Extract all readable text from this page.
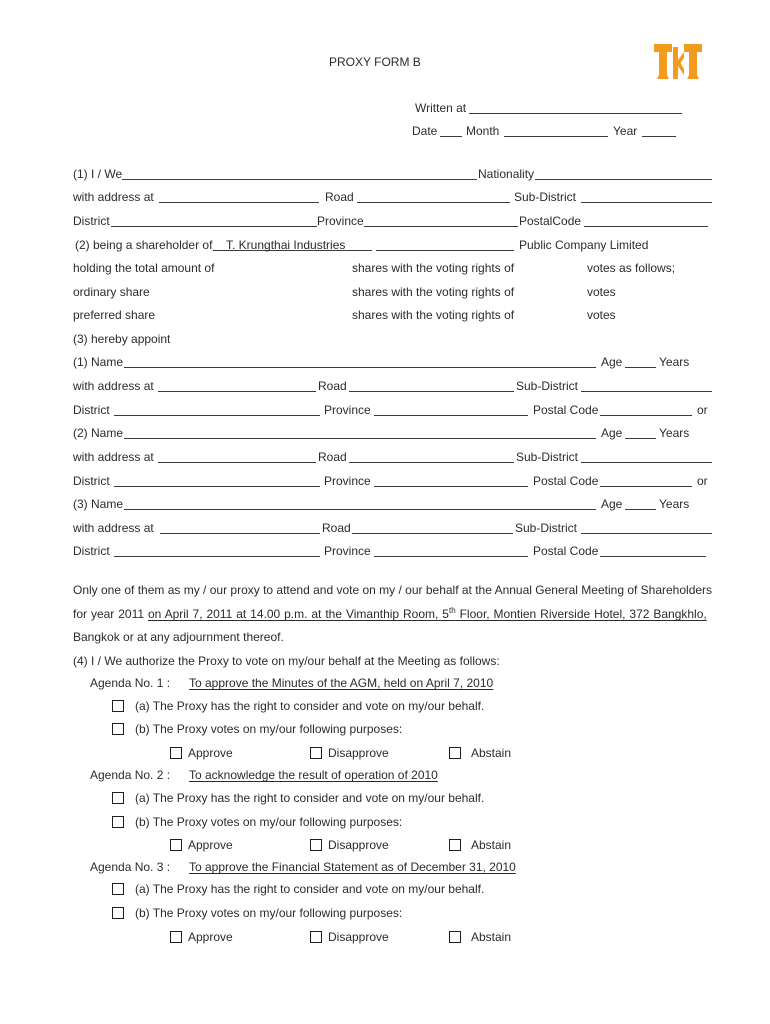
PROXY FORM B
Written at
Date Month	Year
(1) I / We	Nationality
with address at	Road	Sub-District
District	Province	PostalCode
(2) being a shareholder of T. Krungthai Industries	Public Company Limited
holding the total amount of	shares with the voting rights of	votes as follows;
ordinary share	shares with the voting rights of	votes
preferred share	shares with the voting rights of	votes
(3) hereby appoint
(1) Name	Age	Years
with address at	Road	Sub-District
District	Province	Postal Code	or
(2) Name	Age	Years
with address at	Road	Sub-District
District	Province	Postal Code	or
(3) Name	Age	Years
with address at	Road	Sub-District
District	Province	Postal Code
Only one of them as my / our proxy to attend and vote on my / our behalf at the Annual General Meeting of Shareholders
for year 2011 on April 7, 2011 at 14.00 p.m. at the Vimanthip Room, 5th Floor, Montien Riverside Hotel, 372 Bangkhlo,
Bangkok or at any adjournment thereof.
(4) I / We authorize the Proxy to vote on my/our behalf at the Meeting as follows:
Agenda No. 1 : To approve the Minutes of the AGM, held on April 7, 2010
(a) The Proxy has the right to consider and vote on my/our behalf.
(b) The Proxy votes on my/our following purposes:
Approve	Disapprove	Abstain
Agenda No. 2 : To acknowledge the result of operation of 2010
(a) The Proxy has the right to consider and vote on my/our behalf.
(b) The Proxy votes on my/our following purposes:
Approve	Disapprove	Abstain
Agenda No. 3 : To approve the Financial Statement as of December 31, 2010
(a) The Proxy has the right to consider and vote on my/our behalf.
(b) The Proxy votes on my/our following purposes:
Approve	Disapprove	Abstain
